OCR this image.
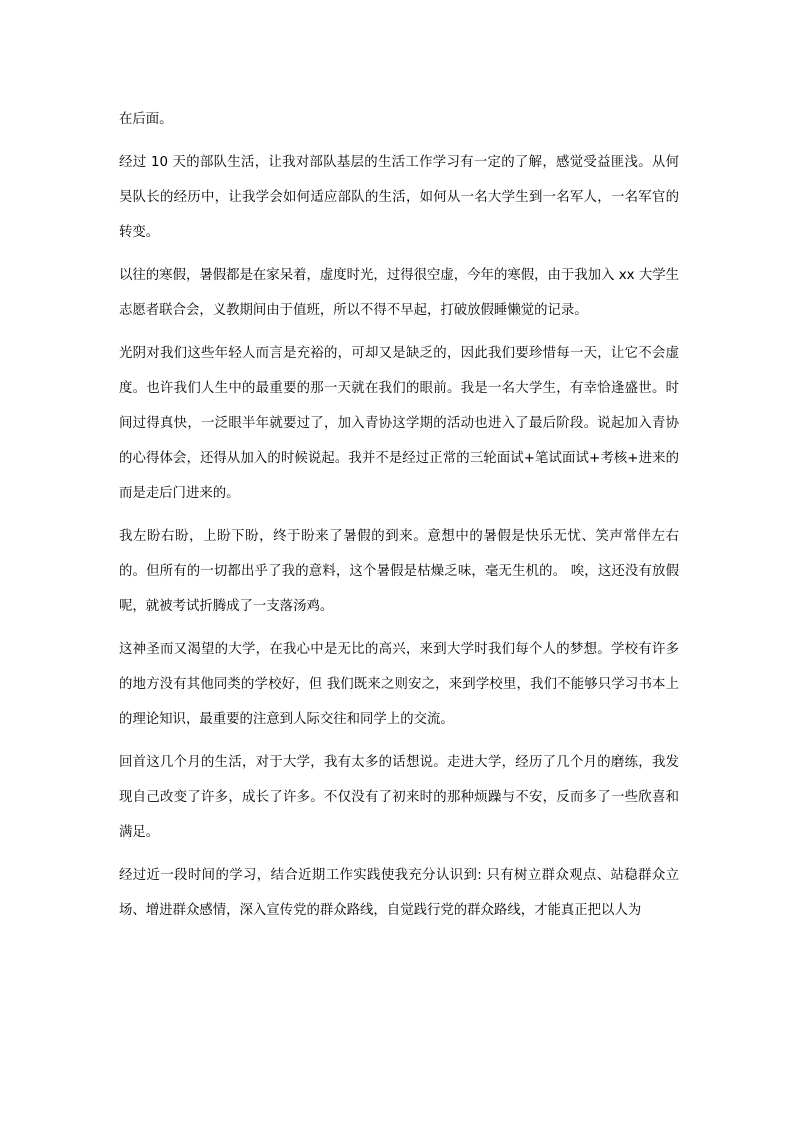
在后面。

经过 10 天的部队生活，让我对部队基层的生活工作学习有一定的了解，感觉受益匪浅。从何昊队长的经历中，让我学会如何适应部队的生活，如何从一名大学生到一名军人，一名军官的转变。

以往的寒假，暑假都是在家呆着，虚度时光，过得很空虚，今年的寒假，由于我加入 xx 大学生志愿者联合会，义教期间由于值班，所以不得不早起，打破放假睡懒觉的记录。

光阴对我们这些年轻人而言是充裕的，可却又是缺乏的，因此我们要珍惜每一天，让它不会虚度。也许我们人生中的最重要的那一天就在我们的眼前。我是一名大学生，有幸恰逢盛世。时间过得真快，一泛眼半年就要过了，加入青协这学期的活动也进入了最后阶段。说起加入青协的心得体会，还得从加入的时候说起。我并不是经过正常的三轮面试+笔试面试+考核+进来的而是走后门进来的。

我左盼右盼，上盼下盼，终于盼来了暑假的到来。意想中的暑假是快乐无忧、笑声常伴左右的。但所有的一切都出乎了我的意料，这个暑假是枯燥乏味，毫无生机的。 唉，这还没有放假呢，就被考试折腾成了一支落汤鸡。

这神圣而又渴望的大学，在我心中是无比的高兴，来到大学时我们每个人的梦想。学校有许多的地方没有其他同类的学校好，但 我们既来之则安之，来到学校里，我们不能够只学习书本上的理论知识，最重要的注意到人际交往和同学上的交流。

回首这几个月的生活，对于大学，我有太多的话想说。走进大学，经历了几个月的磨练，我发现自己改变了许多，成长了许多。不仅没有了初来时的那种烦躁与不安，反而多了一些欣喜和满足。

经过近一段时间的学习，结合近期工作实践使我充分认识到: 只有树立群众观点、站稳群众立场、增进群众感情，深入宣传党的群众路线，自觉践行党的群众路线，才能真正把以人为
